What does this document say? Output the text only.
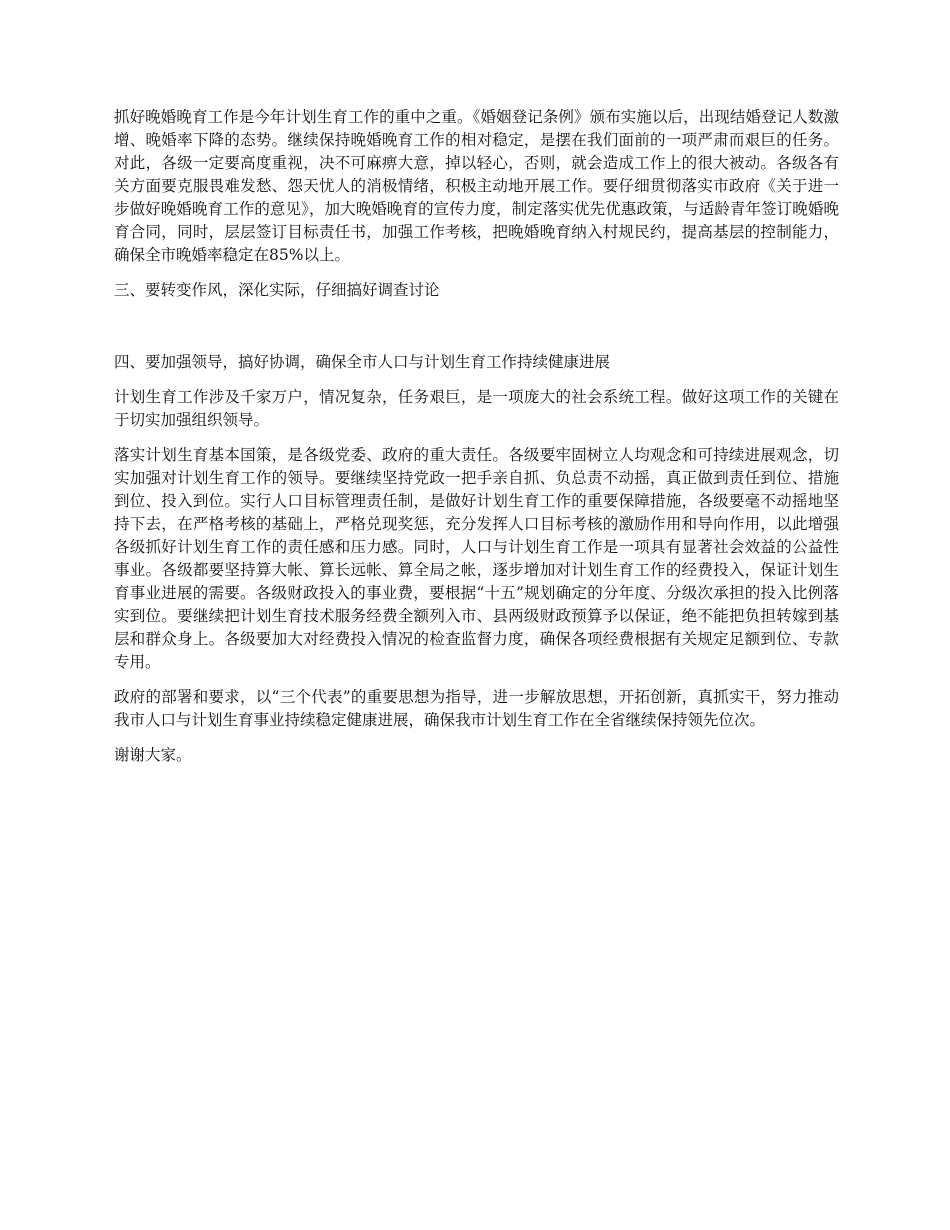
抓好晚婚晚育工作是今年计划生育工作的重中之重。《婚姻登记条例》颁布实施以后，出现结婚登记人数激增、晚婚率下降的态势。继续保持晚婚晚育工作的相对稳定，是摆在我们面前的一项严肃而艰巨的任务。对此，各级一定要高度重视，决不可麻痹大意，掉以轻心，否则，就会造成工作上的很大被动。各级各有关方面要克服畏难发愁、怨天忧人的消极情绪，积极主动地开展工作。要仔细贯彻落实市政府《关于进一步做好晚婚晚育工作的意见》，加大晚婚晚育的宣传力度，制定落实优先优惠政策，与适龄青年签订晚婚晚育合同，同时，层层签订目标责任书，加强工作考核，把晚婚晚育纳入村规民约，提高基层的控制能力，确保全市晚婚率稳定在85%以上。

三、要转变作风，深化实际，仔细搞好调查讨论

四、要加强领导，搞好协调，确保全市人口与计划生育工作持续健康进展

计划生育工作涉及千家万户，情况复杂，任务艰巨，是一项庞大的社会系统工程。做好这项工作的关键在于切实加强组织领导。

落实计划生育基本国策，是各级党委、政府的重大责任。各级要牢固树立人均观念和可持续进展观念，切实加强对计划生育工作的领导。要继续坚持党政一把手亲自抓、负总责不动摇，真正做到责任到位、措施到位、投入到位。实行人口目标管理责任制，是做好计划生育工作的重要保障措施，各级要毫不动摇地坚持下去，在严格考核的基础上，严格兑现奖惩，充分发挥人口目标考核的激励作用和导向作用，以此增强各级抓好计划生育工作的责任感和压力感。同时，人口与计划生育工作是一项具有显著社会效益的公益性事业。各级都要坚持算大帐、算长远帐、算全局之帐，逐步增加对计划生育工作的经费投入，保证计划生育事业进展的需要。各级财政投入的事业费，要根据“十五”规划确定的分年度、分级次承担的投入比例落实到位。要继续把计划生育技术服务经费全额列入市、县两级财政预算予以保证，绝不能把负担转嫁到基层和群众身上。各级要加大对经费投入情况的检查监督力度，确保各项经费根据有关规定足额到位、专款专用。

政府的部署和要求，以“三个代表”的重要思想为指导，进一步解放思想，开拓创新，真抓实干，努力推动我市人口与计划生育事业持续稳定健康进展，确保我市计划生育工作在全省继续保持领先位次。

谢谢大家。
